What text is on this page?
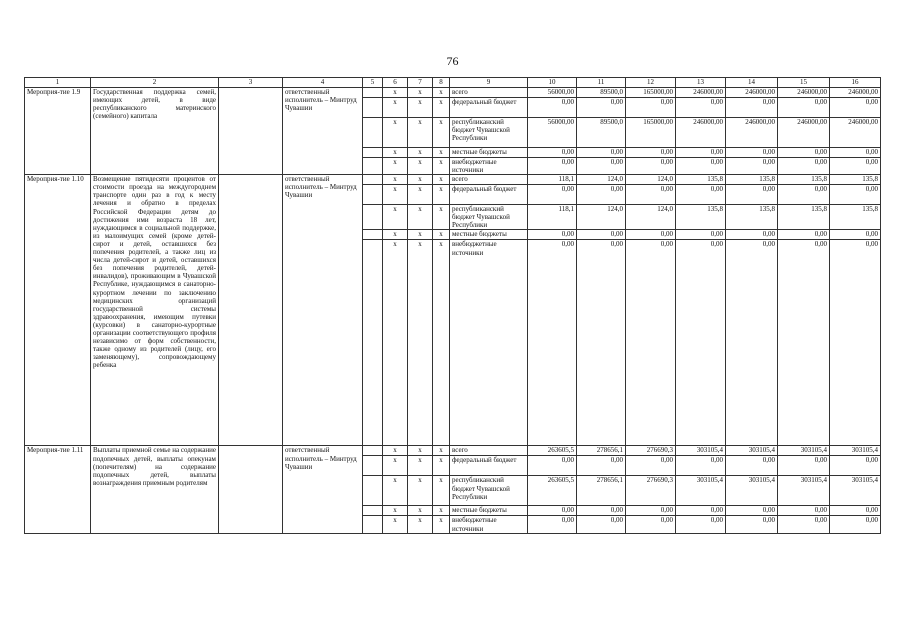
76
1	2	3	4	5	6	7	8	9	10	11	12	13	14	15	16
Мероприя-тие 1.9	Государственная поддержка семей, имеющих детей, в виде республиканского материнского (семейного) капитала		ответственный исполнитель – Минтруд Чувашии		x	x	x	всего	56000,00	89500,0	165000,00	246000,00	246000,00	246000,00	246000,00
					x	x	x	федеральный бюджет	0,00	0,00	0,00	0,00	0,00	0,00	0,00
					x	x	x	республиканский бюджет Чувашской Республики	56000,00	89500,0	165000,00	246000,00	246000,00	246000,00	246000,00
					x	x	x	местные бюджеты	0,00	0,00	0,00	0,00	0,00	0,00	0,00
					x	x	x	внебюджетные источники	0,00	0,00	0,00	0,00	0,00	0,00	0,00
Мероприя-тие 1.10	Возмещение пятидесяти процентов от стоимости проезда на междугороднем транспорте один раз в год к месту лечения и обратно в пределах Российской Федерации детям до достижения ими возраста 18 лет, нуждающимся в социальной поддержке, из малоимущих семей (кроме детей-сирот и детей, оставшихся без попечения родителей, а также лиц из числа детей-сирот и детей, оставшихся без попечения родителей, детей-инвалидов), проживающим в Чувашской Республике, нуждающимся в санаторно-курортном лечении по заключению медицинских организаций государственной системы здравоохранения, имеющим путевки (курсовки) в санаторно-курортные организации соответствующего профиля независимо от форм собственности, также одному из родителей (лицу, его заменяющему), сопровождающему ребенка		ответственный исполнитель – Минтруд Чувашии		x	x	x	всего	118,1	124,0	124,0	135,8	135,8	135,8	135,8
					x	x	x	федеральный бюджет	0,00	0,00	0,00	0,00	0,00	0,00	0,00
					x	x	x	республиканский бюджет Чувашской Республики	118,1	124,0	124,0	135,8	135,8	135,8	135,8
					x	x	x	местные бюджеты	0,00	0,00	0,00	0,00	0,00	0,00	0,00
					x	x	x	внебюджетные источники	0,00	0,00	0,00	0,00	0,00	0,00	0,00
Мероприя-тие 1.11	Выплаты приемной семье на содержание подопечных детей, выплаты опекунам (попечителям) на содержание подопечных детей, выплаты вознаграждения приемным родителям		ответственный исполнитель – Минтруд Чувашии		x	x	x	всего	263605,5	278656,1	276690,3	303105,4	303105,4	303105,4	303105,4
					x	x	x	федеральный бюджет	0,00	0,00	0,00	0,00	0,00	0,00	0,00
					x	x	x	республиканский бюджет Чувашской Республики	263605,5	278656,1	276690,3	303105,4	303105,4	303105,4	303105,4
					x	x	x	местные бюджеты	0,00	0,00	0,00	0,00	0,00	0,00	0,00
					x	x	x	внебюджетные источники	0,00	0,00	0,00	0,00	0,00	0,00	0,00
